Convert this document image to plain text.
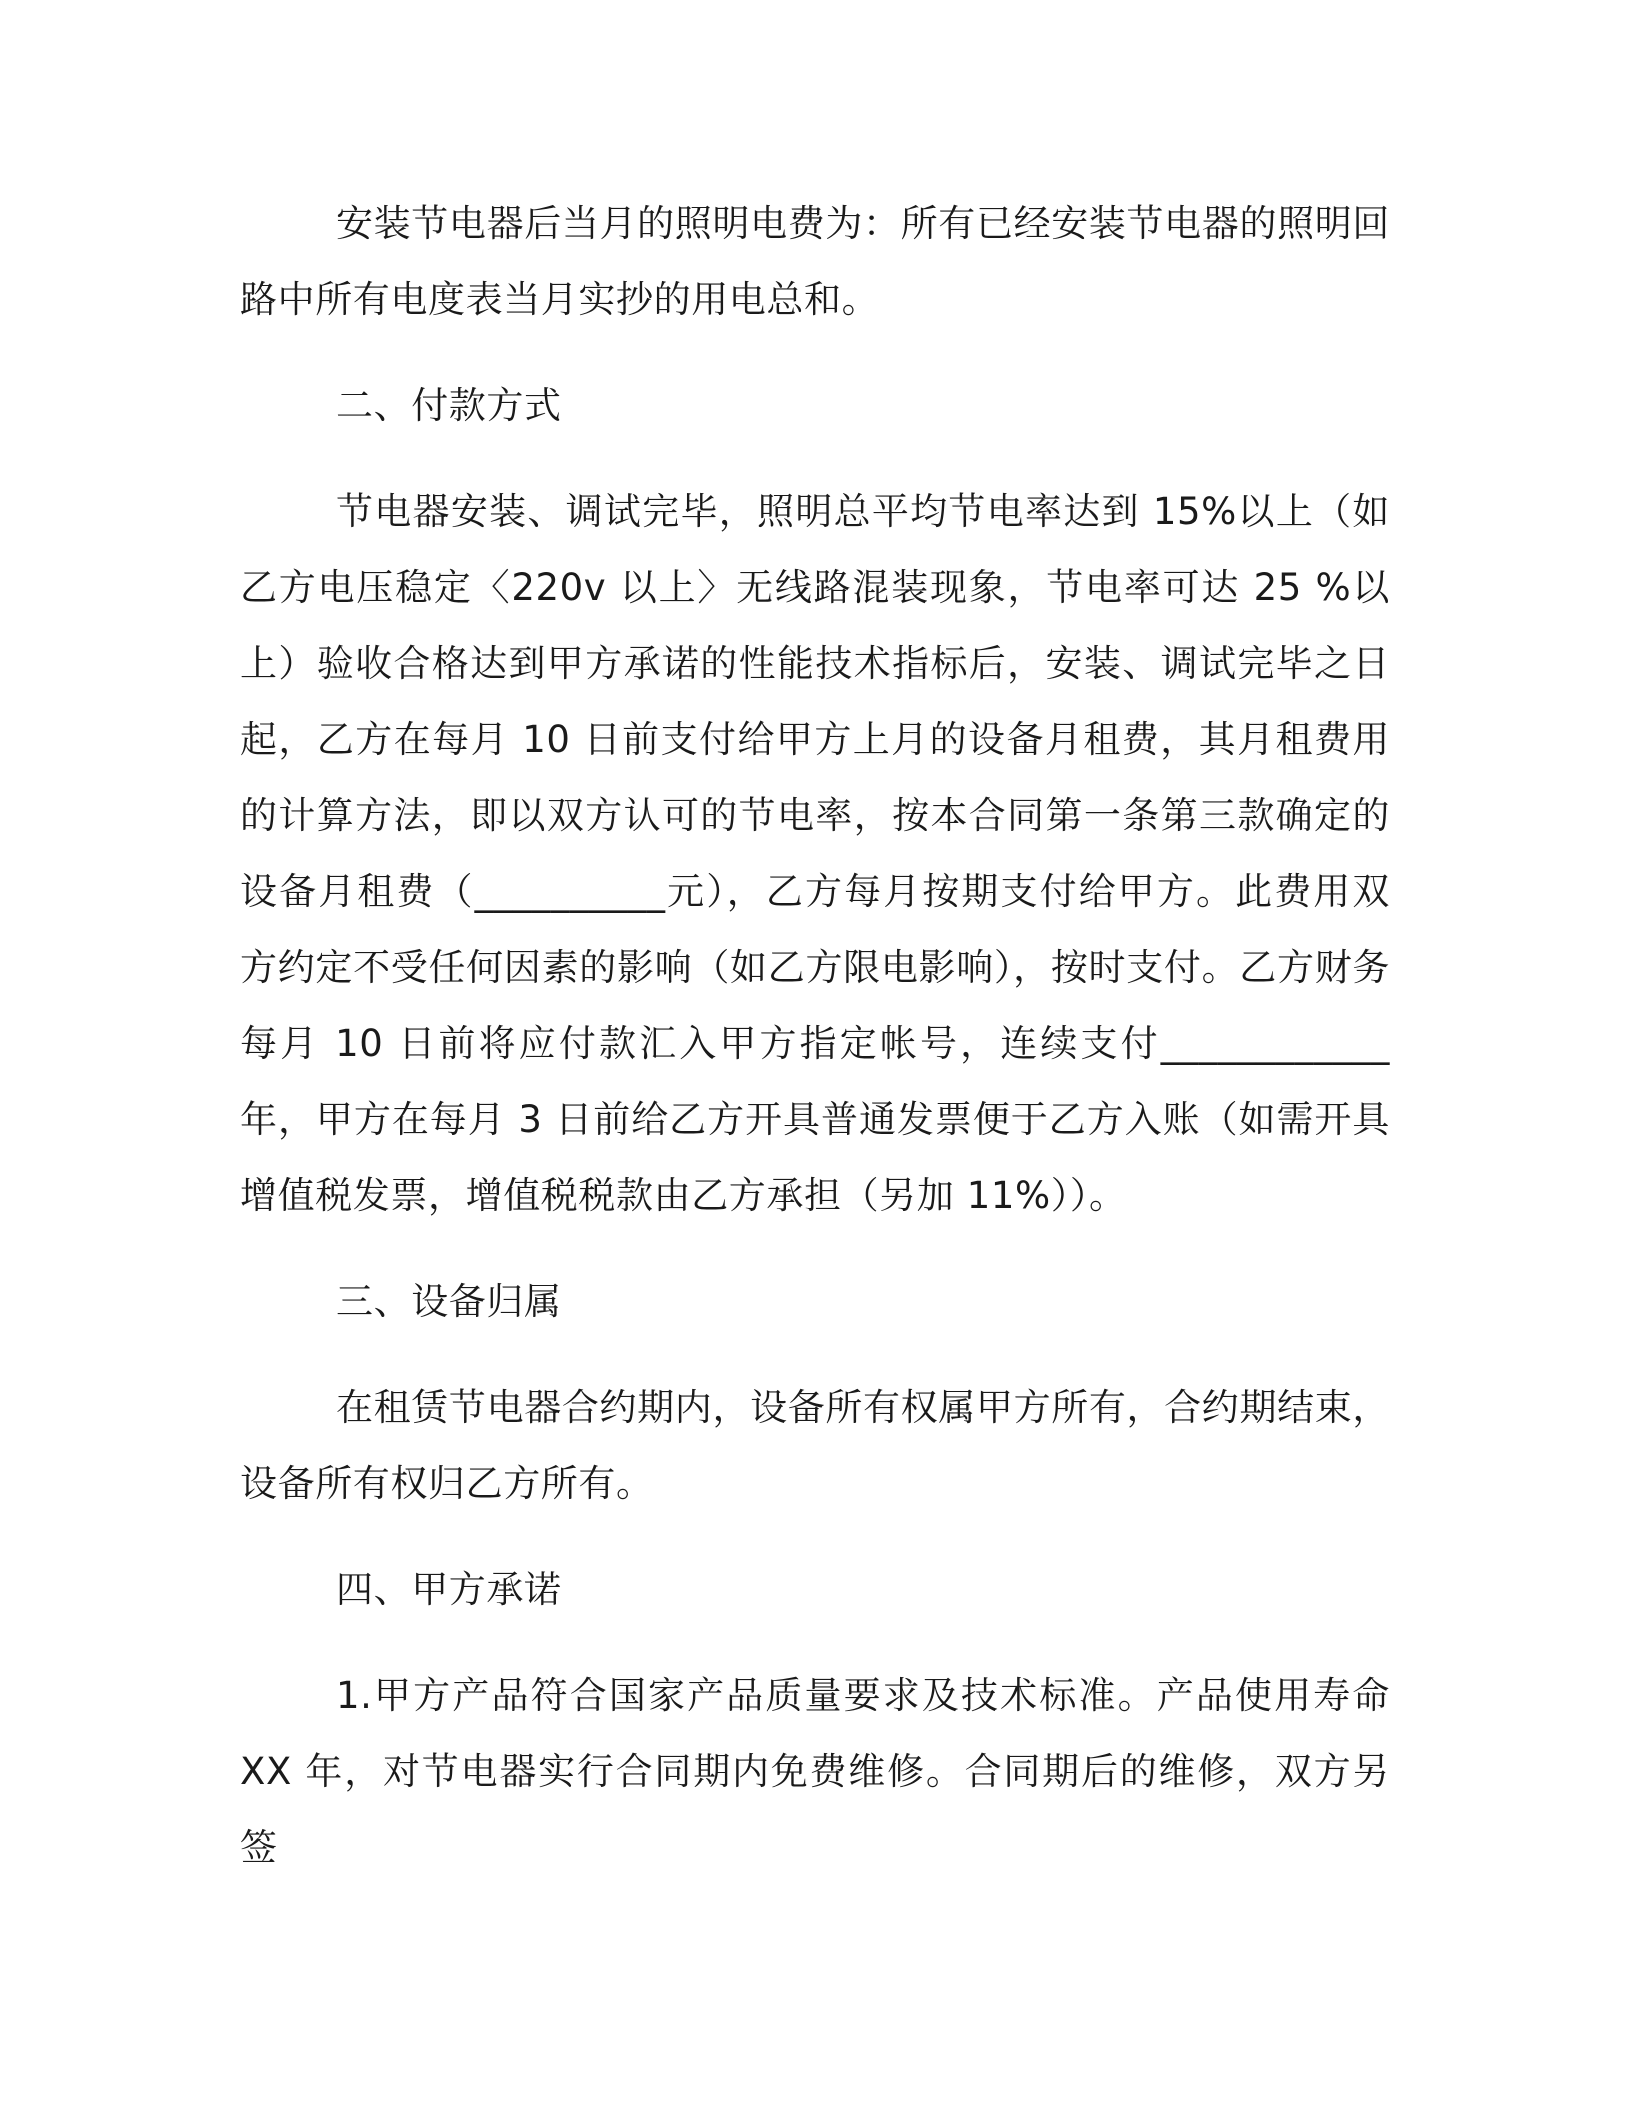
安装节电器后当月的照明电费为：所有已经安装节电器的照明回路中所有电度表当月实抄的用电总和。

二、付款方式

节电器安装、调试完毕，照明总平均节电率达到 15%以上（如乙方电压稳定〈220v 以上〉无线路混装现象，节电率可达 25 %以上）验收合格达到甲方承诺的性能技术指标后，安装、调试完毕之日起，乙方在每月 10 日前支付给甲方上月的设备月租费，其月租费用的计算方法，即以双方认可的节电率，按本合同第一条第三款确定的设备月租费（__________元），乙方每月按期支付给甲方。此费用双方约定不受任何因素的影响（如乙方限电影响），按时支付。乙方财务每月 10 日前将应付款汇入甲方指定帐号，连续支付____________年，甲方在每月 3 日前给乙方开具普通发票便于乙方入账（如需开具增值税发票，增值税税款由乙方承担（另加 11%））。

三、设备归属

在租赁节电器合约期内，设备所有权属甲方所有，合约期结束，设备所有权归乙方所有。

四、甲方承诺

1.甲方产品符合国家产品质量要求及技术标准。产品使用寿命 XX 年，对节电器实行合同期内免费维修。合同期后的维修，双方另签
